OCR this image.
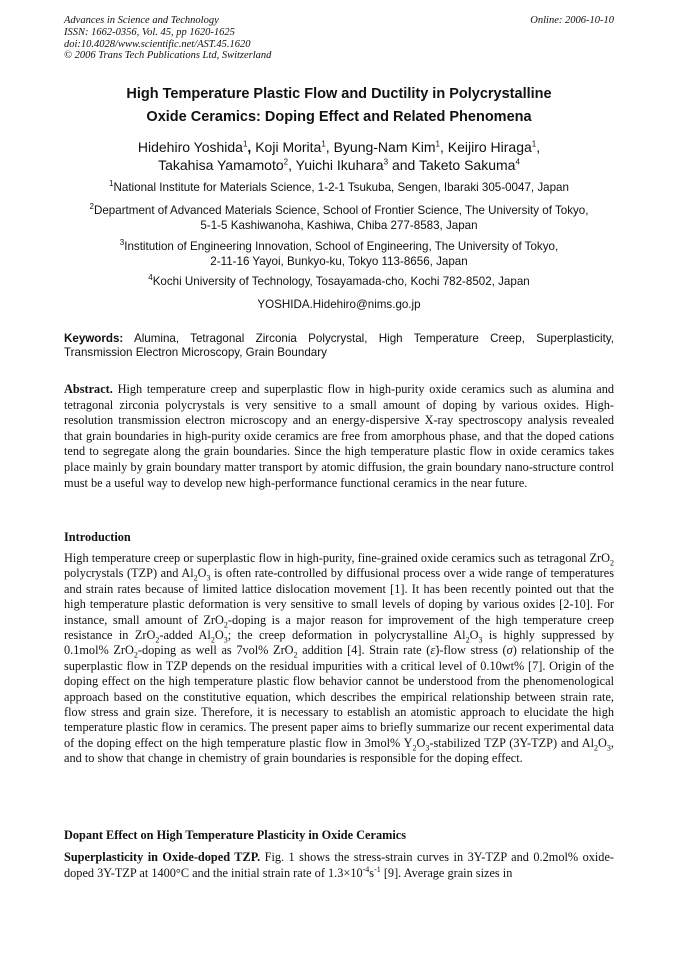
Advances in Science and Technology
ISSN: 1662-0356, Vol. 45, pp 1620-1625
doi:10.4028/www.scientific.net/AST.45.1620
© 2006 Trans Tech Publications Ltd, Switzerland
Online: 2006-10-10
High Temperature Plastic Flow and Ductility in Polycrystalline
Oxide Ceramics: Doping Effect and Related Phenomena
Hidehiro Yoshida$^1$, Koji Morita$^1$, Byung-Nam Kim$^1$, Keijiro Hiraga$^1$,
Takahisa Yamamoto$^2$, Yuichi Ikuhara$^3$ and Taketo Sakuma$^4$
$^1$National Institute for Materials Science, 1-2-1 Tsukuba, Sengen, Ibaraki 305-0047, Japan
$^2$Department of Advanced Materials Science, School of Frontier Science, The University of Tokyo,
5-1-5 Kashiwanoha, Kashiwa, Chiba 277-8583, Japan
$^3$Institution of Engineering Innovation, School of Engineering, The University of Tokyo,
2-11-16 Yayoi, Bunkyo-ku, Tokyo 113-8656, Japan
$^4$Kochi University of Technology, Tosayamada-cho, Kochi 782-8502, Japan
YOSHIDA.Hidehiro@nims.go.jp
Keywords: Alumina, Tetragonal Zirconia Polycrystal, High Temperature Creep, Superplasticity, Transmission Electron Microscopy, Grain Boundary
Abstract. High temperature creep and superplastic flow in high-purity oxide ceramics such as alumina and tetragonal zirconia polycrystals is very sensitive to a small amount of doping by various oxides. High-resolution transmission electron microscopy and an energy-dispersive X-ray spectroscopy analysis revealed that grain boundaries in high-purity oxide ceramics are free from amorphous phase, and that the doped cations tend to segregate along the grain boundaries. Since the high temperature plastic flow in oxide ceramics takes place mainly by grain boundary matter transport by atomic diffusion, the grain boundary nano-structure control must be a useful way to develop new high-performance functional ceramics in the near future.
Introduction
High temperature creep or superplastic flow in high-purity, fine-grained oxide ceramics such as tetragonal ZrO$_2$ polycrystals (TZP) and $Al_2O_3$ is often rate-controlled by diffusional process over a wide range of temperatures and strain rates because of limited lattice dislocation movement [1]. It has been recently pointed out that the high temperature plastic deformation is very sensitive to small levels of doping by various oxides [2-10]. For instance, small amount of ZrO$_2$-doping is a major reason for improvement of the high temperature creep resistance in ZrO$_2$-added $Al_2O_3$; the creep deformation in polycrystalline $Al_2O_3$ is highly suppressed by 0.1mol% ZrO$_2$-doping as well as 7vol% ZrO$_2$ addition [4]. Strain rate (ε̇)-flow stress (σ) relationship of the superplastic flow in TZP depends on the residual impurities with a critical level of 0.10wt% [7]. Origin of the doping effect on the high temperature plastic flow behavior cannot be understood from the phenomenological approach based on the constitutive equation, which describes the empirical relationship between strain rate, flow stress and grain size. Therefore, it is necessary to establish an atomistic approach to elucidate the high temperature plastic flow in ceramics. The present paper aims to briefly summarize our recent experimental data of the doping effect on the high temperature plastic flow in 3mol% $Y_2O_3$-stabilized TZP (3Y-TZP) and $Al_2O_3$, and to show that change in chemistry of grain boundaries is responsible for the doping effect.
Dopant Effect on High Temperature Plasticity in Oxide Ceramics
Superplasticity in Oxide-doped TZP. Fig. 1 shows the stress-strain curves in 3Y-TZP and 0.2mol% oxide-doped 3Y-TZP at 1400°C and the initial strain rate of $1.3\times 10^{-4}s^{-1}$ [9]. Average grain sizes in
